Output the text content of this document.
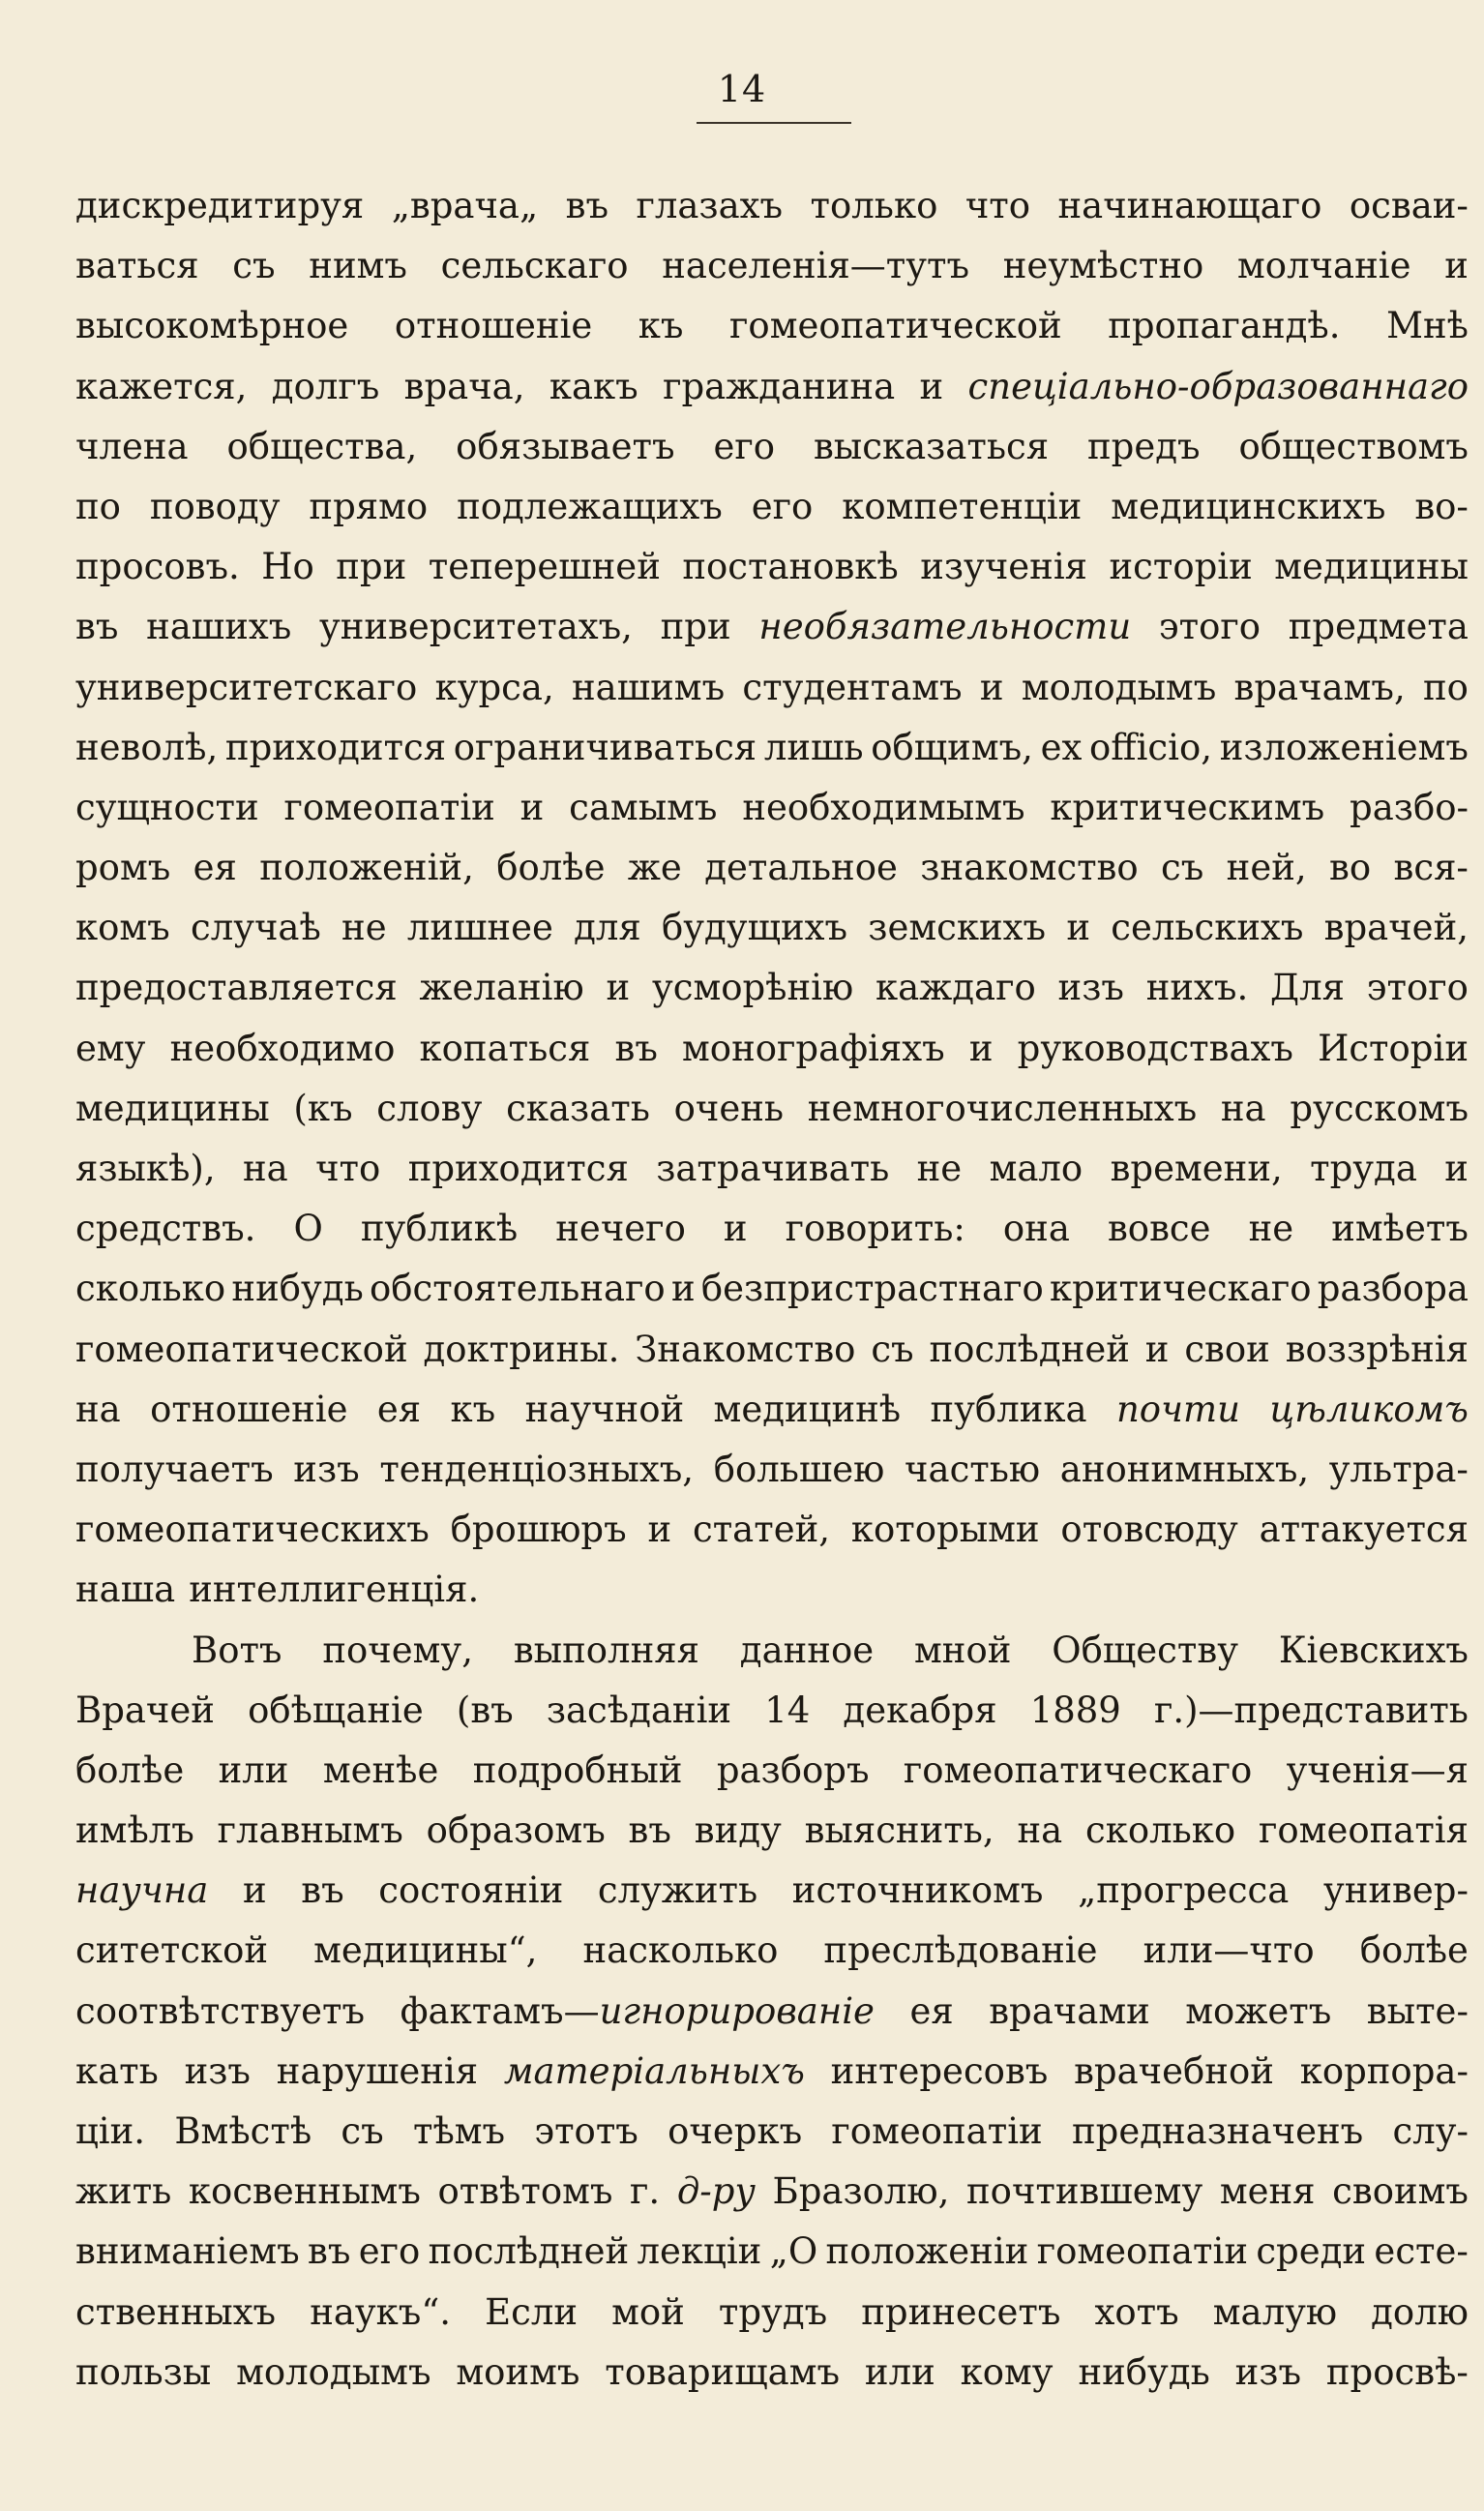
14
дискредитируя „врача„ въ глазахъ только что начинающаго осваи-
ваться съ нимъ сельскаго населенія—тутъ неумѣстно молчаніе и
высокомѣрное отношеніе къ гомеопатической пропагандѣ. Мнѣ
кажется, долгъ врача, какъ гражданина и спеціально-образованнаго
члена общества, обязываетъ его высказаться предъ обществомъ
по поводу прямо подлежащихъ его компетенціи медицинскихъ во-
просовъ. Но при теперешней постановкѣ изученія исторіи медицины
въ нашихъ университетахъ, при необязательности этого предмета
университетскаго курса, нашимъ студентамъ и молодымъ врачамъ, по
неволѣ, приходится ограничиваться лишь общимъ, ex officio, изложеніемъ
сущности гомеопатіи и самымъ необходимымъ критическимъ разбо-
ромъ ея положеній, болѣе же детальное знакомство съ ней, во вся-
комъ случаѣ не лишнее для будущихъ земскихъ и сельскихъ врачей,
предоставляется желанію и усморѣнію каждаго изъ нихъ. Для этого
ему необходимо копаться въ монографіяхъ и руководствахъ Исторіи
медицины (къ слову сказать очень немногочисленныхъ на русскомъ
языкѣ), на что приходится затрачивать не мало времени, труда и
средствъ. О публикѣ нечего и говорить: она вовсе не имѣетъ
сколько нибудь обстоятельнаго и безпристрастнаго критическаго разбора
гомеопатической доктрины. Знакомство съ послѣдней и свои воззрѣнія
на отношеніе ея къ научной медицинѣ публика почти цѣликомъ
получаетъ изъ тенденціозныхъ, большею частью анонимныхъ, ультра-
гомеопатическихъ брошюръ и статей, которыми отовсюду аттакуется
наша интеллигенція.
Вотъ почему, выполняя данное мной Обществу Кіевскихъ
Врачей обѣщаніе (въ засѣданіи 14 декабря 1889 г.)—представить
болѣе или менѣе подробный разборъ гомеопатическаго ученія—я
имѣлъ главнымъ образомъ въ виду выяснить, на сколько гомеопатія
научна и въ состояніи служить источникомъ „прогресса универ-
ситетской медицины“, насколько преслѣдованіе или—что болѣе
соотвѣтствуетъ фактамъ—игнорированіе ея врачами можетъ выте-
кать изъ нарушенія матеріальныхъ интересовъ врачебной корпора-
ціи. Вмѣстѣ съ тѣмъ этотъ очеркъ гомеопатіи предназначенъ слу-
жить косвеннымъ отвѣтомъ г. д-ру Бразолю, почтившему меня своимъ
вниманіемъ въ его послѣдней лекціи „О положеніи гомеопатіи среди есте-
ственныхъ наукъ“. Если мой трудъ принесетъ хотъ малую долю
пользы молодымъ моимъ товарищамъ или кому нибудь изъ просвѣ-
